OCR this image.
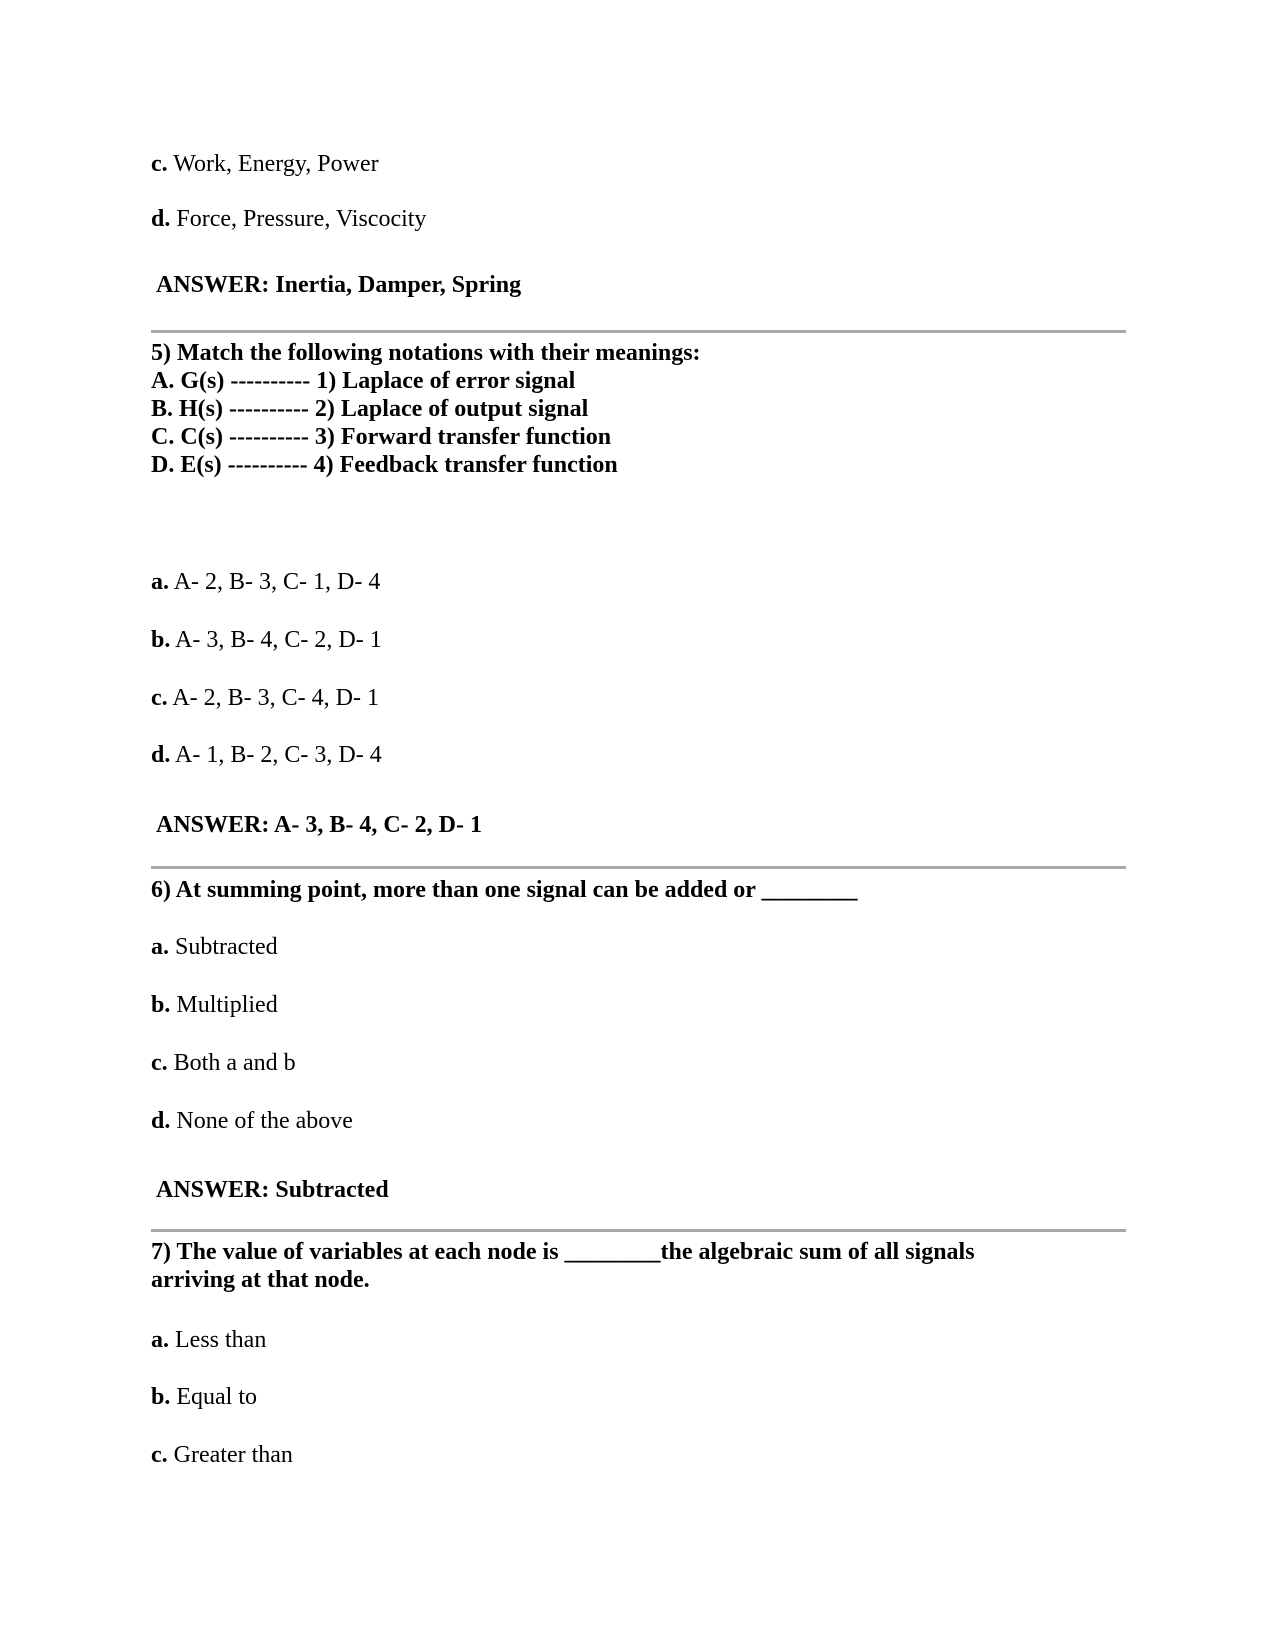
c. Work, Energy, Power
d. Force, Pressure, Viscocity
ANSWER: Inertia, Damper, Spring
5) Match the following notations with their meanings:
A. G(s) ---------- 1) Laplace of error signal
B. H(s) ---------- 2) Laplace of output signal
C. C(s) ---------- 3) Forward transfer function
D. E(s) ---------- 4) Feedback transfer function
a. A- 2, B- 3, C- 1, D- 4
b. A- 3, B- 4, C- 2, D- 1
c. A- 2, B- 3, C- 4, D- 1
d. A- 1, B- 2, C- 3, D- 4
ANSWER: A- 3, B- 4, C- 2, D- 1
6) At summing point, more than one signal can be added or ________
a. Subtracted
b. Multiplied
c. Both a and b
d. None of the above
ANSWER: Subtracted
7) The value of variables at each node is ________the algebraic sum of all signals
arriving at that node.
a. Less than
b. Equal to
c. Greater than
